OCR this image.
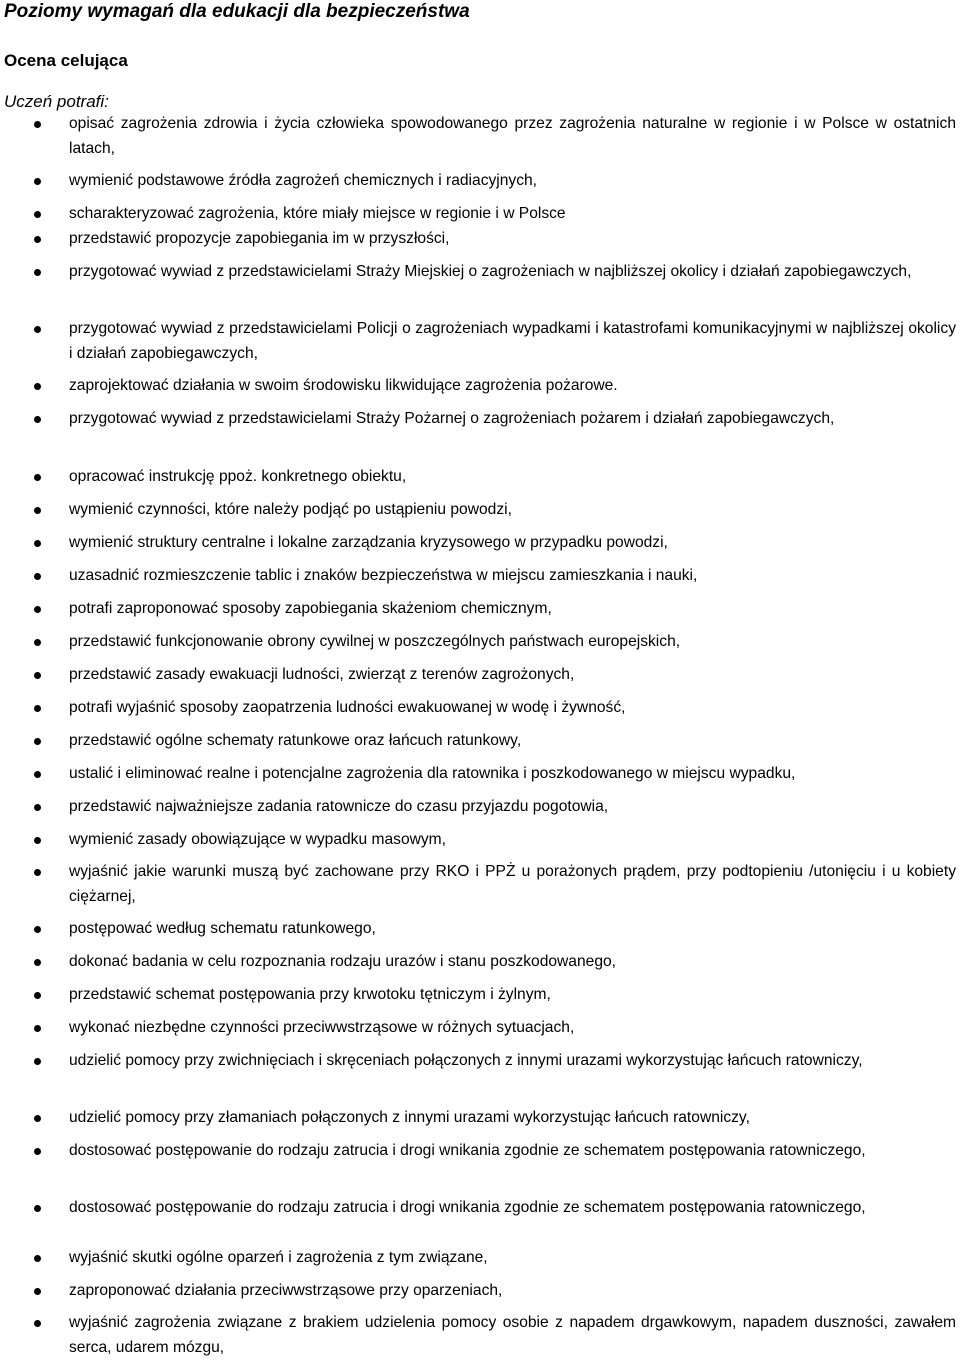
Poziomy wymagań dla edukacji dla bezpieczeństwa
Ocena celująca

Uczeń potrafi:

opisać zagrożenia zdrowia i życia człowieka spowodowanego przez zagrożenia naturalne w regionie i w Polsce w ostatnich latach,
wymienić podstawowe źródła zagrożeń chemicznych i radiacyjnych,
scharakteryzować zagrożenia, które miały miejsce w regionie i w Polsce
przedstawić propozycje zapobiegania im w przyszłości,
przygotować wywiad z przedstawicielami Straży Miejskiej o zagrożeniach w najbliższej okolicy i działań zapobiegawczych,
przygotować wywiad z przedstawicielami Policji o zagrożeniach wypadkami i katastrofami komunikacyjnymi w najbliższej okolicy i działań zapobiegawczych,
zaprojektować działania w swoim środowisku likwidujące zagrożenia pożarowe.
przygotować wywiad z przedstawicielami Straży Pożarnej o zagrożeniach pożarem i działań zapobiegawczych,
opracować instrukcję ppoż. konkretnego obiektu,
wymienić czynności, które należy podjąć po ustąpieniu powodzi,
wymienić struktury centralne i lokalne zarządzania kryzysowego w przypadku powodzi,
uzasadnić rozmieszczenie tablic i znaków bezpieczeństwa w miejscu zamieszkania i nauki,
potrafi zaproponować sposoby zapobiegania skażeniom chemicznym,
przedstawić funkcjonowanie obrony cywilnej w poszczególnych państwach europejskich,
przedstawić zasady ewakuacji ludności, zwierząt z terenów zagrożonych,
potrafi wyjaśnić sposoby zaopatrzenia ludności ewakuowanej w wodę i żywność,
przedstawić ogólne schematy ratunkowe oraz łańcuch ratunkowy,
ustalić i eliminować realne i potencjalne zagrożenia dla ratownika i poszkodowanego w miejscu wypadku,
przedstawić najważniejsze zadania ratownicze do czasu przyjazdu pogotowia,
wymienić zasady obowiązujące w wypadku masowym,
wyjaśnić jakie warunki muszą być zachowane przy RKO i PPŻ u porażonych prądem, przy podtopieniu /utonięciu i u kobiety ciężarnej,
postępować według schematu ratunkowego,
dokonać badania w celu rozpoznania rodzaju urazów i stanu poszkodowanego,
przedstawić schemat postępowania przy krwotoku tętniczym i żylnym,
wykonać niezbędne czynności przeciwwstrząsowe w różnych sytuacjach,
udzielić pomocy przy zwichnięciach i skręceniach połączonych z innymi urazami wykorzystując łańcuch ratowniczy,
udzielić pomocy przy złamaniach połączonych z innymi urazami wykorzystując łańcuch ratowniczy,
dostosować postępowanie do rodzaju zatrucia i drogi wnikania zgodnie ze schematem postępowania ratowniczego,
dostosować postępowanie do rodzaju zatrucia i drogi wnikania zgodnie ze schematem postępowania ratowniczego,
wyjaśnić skutki ogólne oparzeń i zagrożenia z tym związane,
zaproponować działania przeciwwstrząsowe przy oparzeniach,
wyjaśnić zagrożenia związane z brakiem udzielenia pomocy osobie z napadem drgawkowym, napadem duszności, zawałem serca, udarem mózgu,
